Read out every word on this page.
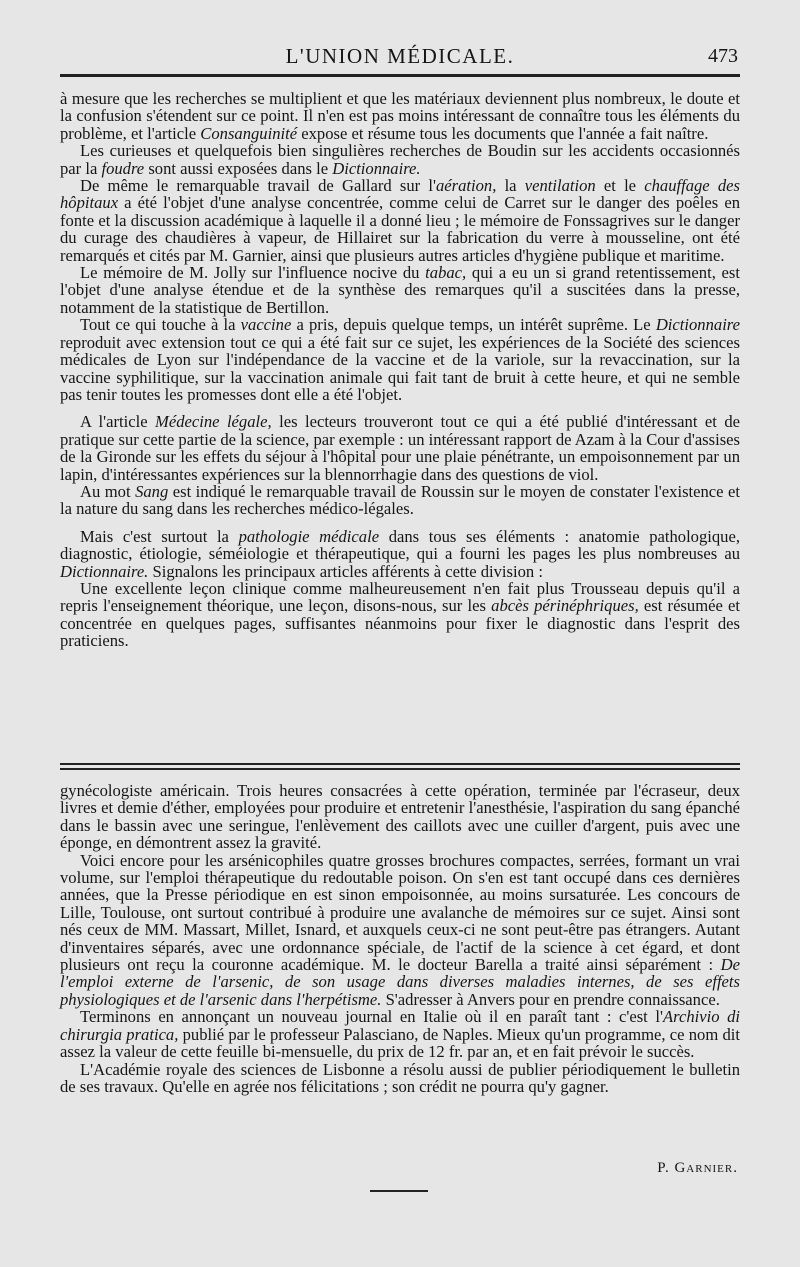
L'UNION MÉDICALE.	473

à mesure que les recherches se multiplient et que les matériaux deviennent plus nombreux, le doute et la confusion s'étendent sur ce point. Il n'en est pas moins intéressant de connaître tous les éléments du problème, et l'article Consanguinité expose et résume tous les documents que l'année a fait naître.

Les curieuses et quelquefois bien singulières recherches de Boudin sur les accidents occasionnés par la foudre sont aussi exposées dans le Dictionnaire.

De même le remarquable travail de Gallard sur l'aération, la ventilation et le chauffage des hôpitaux a été l'objet d'une analyse concentrée, comme celui de Carret sur le danger des poêles en fonte et la discussion académique à laquelle il a donné lieu ; le mémoire de Fonssagrives sur le danger du curage des chaudières à vapeur, de Hillairet sur la fabrication du verre à mousseline, ont été remarqués et cités par M. Garnier, ainsi que plusieurs autres articles d'hygiène publique et maritime.

Le mémoire de M. Jolly sur l'influence nocive du tabac, qui a eu un si grand retentissement, est l'objet d'une analyse étendue et de la synthèse des remarques qu'il a suscitées dans la presse, notamment de la statistique de Bertillon.

Tout ce qui touche à la vaccine a pris, depuis quelque temps, un intérêt suprême. Le Dictionnaire reproduit avec extension tout ce qui a été fait sur ce sujet, les expériences de la Société des sciences médicales de Lyon sur l'indépendance de la vaccine et de la variole, sur la revaccination, sur la vaccine syphilitique, sur la vaccination animale qui fait tant de bruit à cette heure, et qui ne semble pas tenir toutes les promesses dont elle a été l'objet.

A l'article Médecine légale, les lecteurs trouveront tout ce qui a été publié d'intéressant et de pratique sur cette partie de la science, par exemple : un intéressant rapport de Azam à la Cour d'assises de la Gironde sur les effets du séjour à l'hôpital pour une plaie pénétrante, un empoisonnement par un lapin, d'intéressantes expériences sur la blennorrhagie dans des questions de viol.

Au mot Sang est indiqué le remarquable travail de Roussin sur le moyen de constater l'existence et la nature du sang dans les recherches médico-légales.

Mais c'est surtout la pathologie médicale dans tous ses éléments : anatomie pathologique, diagnostic, étiologie, séméiologie et thérapeutique, qui a fourni les pages les plus nombreuses au Dictionnaire. Signalons les principaux articles afférents à cette division :

Une excellente leçon clinique comme malheureusement n'en fait plus Trousseau depuis qu'il a repris l'enseignement théorique, une leçon, disons-nous, sur les abcès périnéphriques, est résumée et concentrée en quelques pages, suffisantes néanmoins pour fixer le diagnostic dans l'esprit des praticiens.

gynécologiste américain. Trois heures consacrées à cette opération, terminée par l'écraseur, deux livres et demie d'éther, employées pour produire et entretenir l'anesthésie, l'aspiration du sang épanché dans le bassin avec une seringue, l'enlèvement des caillots avec une cuiller d'argent, puis avec une éponge, en démontrent assez la gravité.

Voici encore pour les arsénicophiles quatre grosses brochures compactes, serrées, formant un vrai volume, sur l'emploi thérapeutique du redoutable poison. On s'en est tant occupé dans ces dernières années, que la Presse périodique en est sinon empoisonnée, au moins sursaturée. Les concours de Lille, Toulouse, ont surtout contribué à produire une avalanche de mémoires sur ce sujet. Ainsi sont nés ceux de MM. Massart, Millet, Isnard, et auxquels ceux-ci ne sont peut-être pas étrangers. Autant d'inventaires séparés, avec une ordonnance spéciale, de l'actif de la science à cet égard, et dont plusieurs ont reçu la couronne académique. M. le docteur Barella a traité ainsi séparément : De l'emploi externe de l'arsenic, de son usage dans diverses maladies internes, de ses effets physiologiques et de l'arsenic dans l'herpétisme. S'adresser à Anvers pour en prendre connaissance.

Terminons en annonçant un nouveau journal en Italie où il en paraît tant : c'est l'Archivio di chirurgia pratica, publié par le professeur Palasciano, de Naples. Mieux qu'un programme, ce nom dit assez la valeur de cette feuille bi-mensuelle, du prix de 12 fr. par an, et en fait prévoir le succès.

L'Académie royale des sciences de Lisbonne a résolu aussi de publier périodiquement le bulletin de ses travaux. Qu'elle en agrée nos félicitations ; son crédit ne pourra qu'y gagner.

P. Garnier.
